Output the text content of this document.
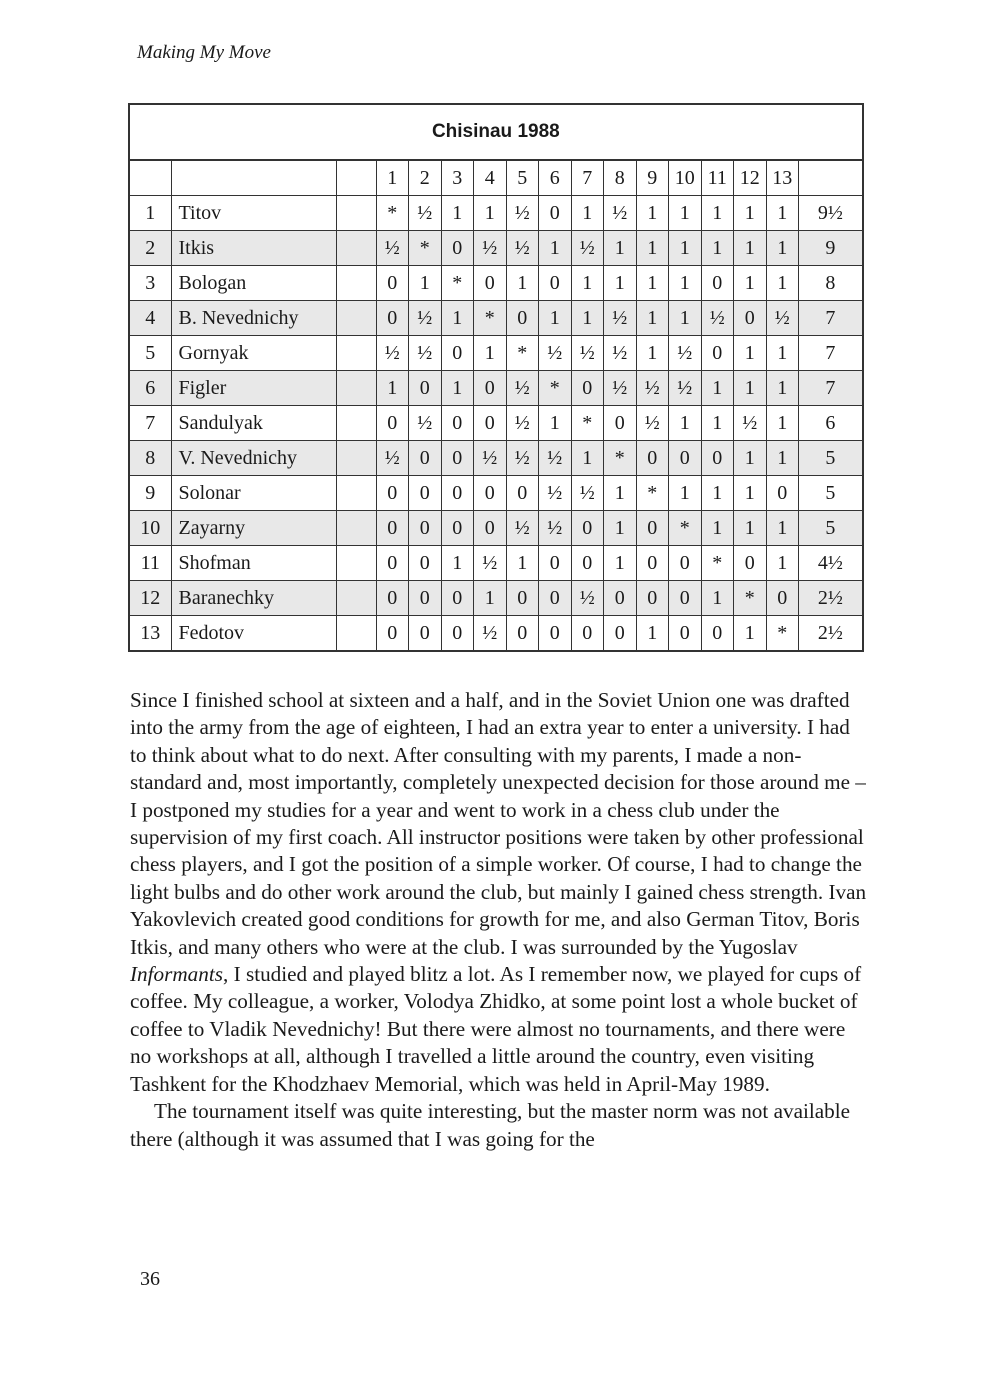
Making My Move
Chisinau 1988																
			1	2	3	4	5	6	7	8	9	10	11	12	13	
1	Titov		*	½	1	1	½	0	1	½	1	1	1	1	1	9½
2	Itkis		½	*	0	½	½	1	½	1	1	1	1	1	1	9
3	Bologan		0	1	*	0	1	0	1	1	1	1	0	1	1	8
4	B. Nevednichy		0	½	1	*	0	1	1	½	1	1	½	0	½	7
5	Gornyak		½	½	0	1	*	½	½	½	1	½	0	1	1	7
6	Figler		1	0	1	0	½	*	0	½	½	½	1	1	1	7
7	Sandulyak		0	½	0	0	½	1	*	0	½	1	1	½	1	6
8	V. Nevednichy		½	0	0	½	½	½	1	*	0	0	0	1	1	5
9	Solonar		0	0	0	0	0	½	½	1	*	1	1	1	0	5
10	Zayarny		0	0	0	0	½	½	0	1	0	*	1	1	1	5
11	Shofman		0	0	1	½	1	0	0	1	0	0	*	0	1	4½
12	Baranechky		0	0	0	1	0	0	½	0	0	0	1	*	0	2½
13	Fedotov		0	0	0	½	0	0	0	0	1	0	0	1	*	2½

Since I finished school at sixteen and a half, and in the Soviet Union one was drafted into the army from the age of eighteen, I had an extra year to enter a university. I had to think about what to do next. After consulting with my parents, I made a non-standard and, most importantly, completely unexpected decision for those around me – I postponed my studies for a year and went to work in a chess club under the supervision of my first coach. All instructor positions were taken by other professional chess players, and I got the position of a simple worker. Of course, I had to change the light bulbs and do other work around the club, but mainly I gained chess strength. Ivan Yakovlevich created good conditions for growth for me, and also German Titov, Boris Itkis, and many others who were at the club. I was surrounded by the Yugoslav Informants, I studied and played blitz a lot. As I remember now, we played for cups of coffee. My colleague, a worker, Volodya Zhidko, at some point lost a whole bucket of coffee to Vladik Nevednichy! But there were almost no tournaments, and there were no workshops at all, although I travelled a little around the country, even visiting Tashkent for the Khodzhaev Memorial, which was held in April-May 1989.

The tournament itself was quite interesting, but the master norm was not available there (although it was assumed that I was going for the

36
